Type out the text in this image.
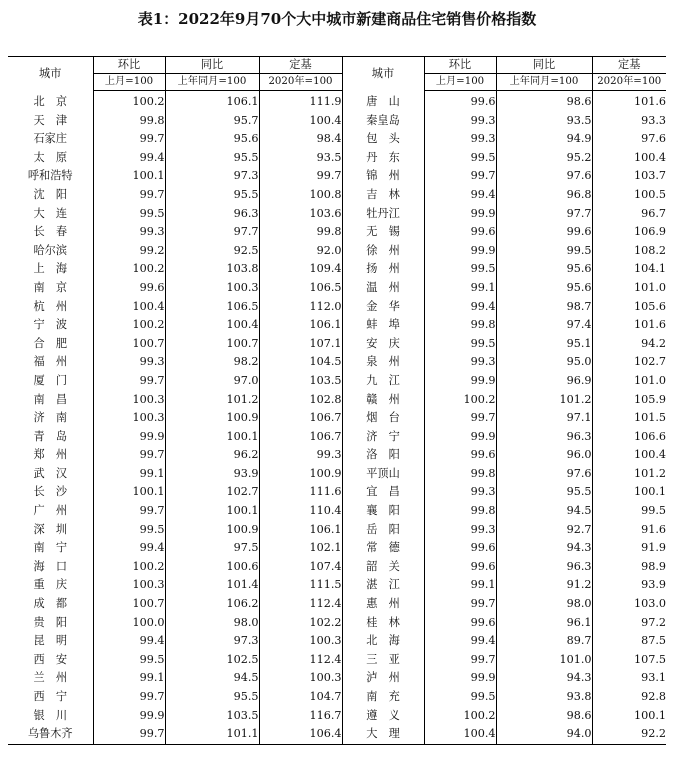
表1：2022年9月70个大中城市新建商品住宅销售价格指数
城市	环比	同比	定基	城市	环比	同比	定基
	上月=100	上年同月=100	2020年=100		上月=100	上年同月=100	2020年=100
北　京	100.2	106.1	111.9	唐　山	99.6	98.6	101.6
天　津	99.8	95.7	100.4	秦皇岛	99.3	93.5	93.3
石家庄	99.7	95.6	98.4	包　头	99.3	94.9	97.6
太　原	99.4	95.5	93.5	丹　东	99.5	95.2	100.4
呼和浩特	100.1	97.3	99.7	锦　州	99.7	97.6	103.7
沈　阳	99.7	95.5	100.8	吉　林	99.4	96.8	100.5
大　连	99.5	96.3	103.6	牡丹江	99.9	97.7	96.7
长　春	99.3	97.7	99.8	无　锡	99.6	99.6	106.9
哈尔滨	99.2	92.5	92.0	徐　州	99.9	99.5	108.2
上　海	100.2	103.8	109.4	扬　州	99.5	95.6	104.1
南　京	99.6	100.3	106.5	温　州	99.1	95.6	101.0
杭　州	100.4	106.5	112.0	金　华	99.4	98.7	105.6
宁　波	100.2	100.4	106.1	蚌　埠	99.8	97.4	101.6
合　肥	100.7	100.7	107.1	安　庆	99.5	95.1	94.2
福　州	99.3	98.2	104.5	泉　州	99.3	95.0	102.7
厦　门	99.7	97.0	103.5	九　江	99.9	96.9	101.0
南　昌	100.3	101.2	102.8	赣　州	100.2	101.2	105.9
济　南	100.3	100.9	106.7	烟　台	99.7	97.1	101.5
青　岛	99.9	100.1	106.7	济　宁	99.9	96.3	106.6
郑　州	99.7	96.2	99.3	洛　阳	99.6	96.0	100.4
武　汉	99.1	93.9	100.9	平顶山	99.8	97.6	101.2
长　沙	100.1	102.7	111.6	宜　昌	99.3	95.5	100.1
广　州	99.7	100.1	110.4	襄　阳	99.8	94.5	99.5
深　圳	99.5	100.9	106.1	岳　阳	99.3	92.7	91.6
南　宁	99.4	97.5	102.1	常　德	99.6	94.3	91.9
海　口	100.2	100.6	107.4	韶　关	99.6	96.3	98.9
重　庆	100.3	101.4	111.5	湛　江	99.1	91.2	93.9
成　都	100.7	106.2	112.4	惠　州	99.7	98.0	103.0
贵　阳	100.0	98.0	102.2	桂　林	99.6	96.1	97.2
昆　明	99.4	97.3	100.3	北　海	99.4	89.7	87.5
西　安	99.5	102.5	112.4	三　亚	99.7	101.0	107.5
兰　州	99.1	94.5	100.3	泸　州	99.9	94.3	93.1
西　宁	99.7	95.5	104.7	南　充	99.5	93.8	92.8
银　川	99.9	103.5	116.7	遵　义	100.2	98.6	100.1
乌鲁木齐	99.7	101.1	106.4	大　理	100.4	94.0	92.2
